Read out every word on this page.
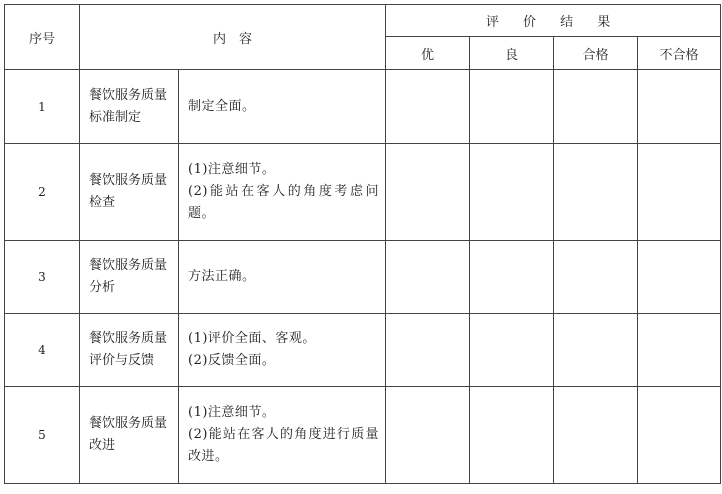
序号	内　容		评 价 结 果			
			优	良	合格	不合格
1	餐饮服务质量标准制定	制定全面。				

2	餐饮服务质量检查	(1)注意细节。
(2)能站在客人的角度考虑问题。				

3	餐饮服务质量分析	方法正确。				

4	餐饮服务质量评价与反馈	(1)评价全面、客观。
(2)反馈全面。				

5	餐饮服务质量改进	(1)注意细节。
(2)能站在客人的角度进行质量改进。				
